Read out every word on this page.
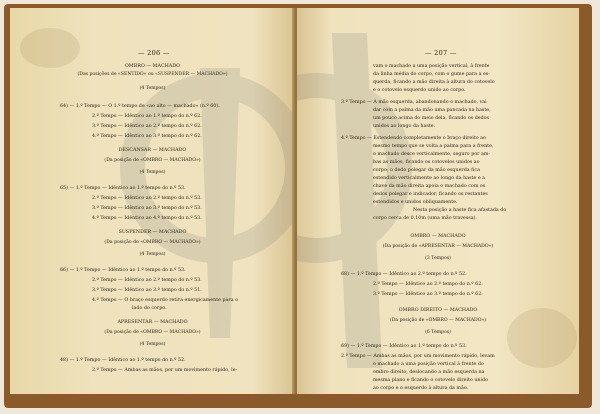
— 206 —
OMBRO — MACHADO
(Das posições de «SENTIDO» ou «SUSPENDER — MACHADO»)
(4 Tempos)
64) — 1.º Tempo — O 1.º tempo de «ao alto — machado» (n.º 60).
2.º Tempo — Idêntico ao 1.º tempo do n.º 62.
3.º Tempo — Idêntico ao 2.º tempo do n.º 62.
4.º Tempo — Idêntico ao 3.º tempo do n.º 62.
DESCANSAR — MACHADO
(Da posição de «OMBRO — MACHADO»)
(4 Tempos)
65) — 1.º Tempo — Idêntico ao 1.º tempo do n.º 53.
2.º Tempo — Idêntico ao 2.º tempo do n.º 53.
3.º Tempo — Idêntico ao 3.º tempo do n.º 53.
4.º Tempo — Idêntico ao 4.º tempo do n.º 53.
SUSPENDER — MACHADO
(Da posição de «OMBRO — MACHADO»)
(4 Tempos)
66) — 1.º Tempo — Idêntico ao 1.º tempo do n.º 53.
2.º Tempo — Idêntico ao 2.º tempo do n.º 53.
3.º Tempo — Idêntico ao 3.º tempo do n.º 51.
4.º Tempo — O braço esquerdo retira energicamente para o
lado do corpo.
APRESENTAR — MACHADO
(Da posição de «OMBRO — MACHADO»)
(4 Tempos)
48) — 1.º Tempo — Idêntico ao 1.º tempo do n.º 52.
2.º Tempo — Ambas as mãos, por um movimento rápido, le-
— 207 —
vam o machado a uma posição vertical, à frente
da linha média do corpo, com o gume para a es-
querda, ficando a mão direita à altura do cotovelo
e o cotovelo esquerdo unido ao corpo.
3.º Tempo — A mão esquerda, abandonando o machado, vai
dar com a palma da mão uma pancada na haste,
um pouco acima do meio dela, ficando os dedos
unidos ao longo da haste.
4.º Tempo — Estendendo completamente o braço direito ao
mesmo tempo que se volta a palma para a frente,
o machado desce verticalmente, seguro por am-
bas as mãos, ficando os cotovelos unidos ao
corpo; o dedo polegar da mão esquerda fica
estendido verticalmente ao longo da haste e a
chave da mão direita apoia o machado com os
dedos polegar e indicador, ficando os restantes
estendidos e unidos obliquamente.
Nesta posição a haste fica afastada do
corpo cerca de 0,10m (uma mão travessa).
OMBRO — MACHADO
(Da posição de «APRESENTAR — MACHADO»)
(3 Tempos)
68) — 1.º Tempo — Idêntico ao 2.º tempo do n.º 52.
2.º Tempo — Idêntico ao 2.º tempo do n.º 62.
3.º Tempo — Idêntico ao 3.º tempo do n.º 62.
OMBRO DIREITO — MACHADO
(Da posição de «OMBRO — MACHADO»)
(6 Tempos)
69) — 1.º Tempo — Idêntico ao 1.º tempo do n.º 53.
2.º Tempo — Ambas as mãos, por um movimento rápido, levam
o machado a uma posição vertical à frente do
ombro direito, deslocando a mão esquerda na
mesma plano e ficando o cotovelo direito unido
ao corpo e o esquerdo à altura da mão.
